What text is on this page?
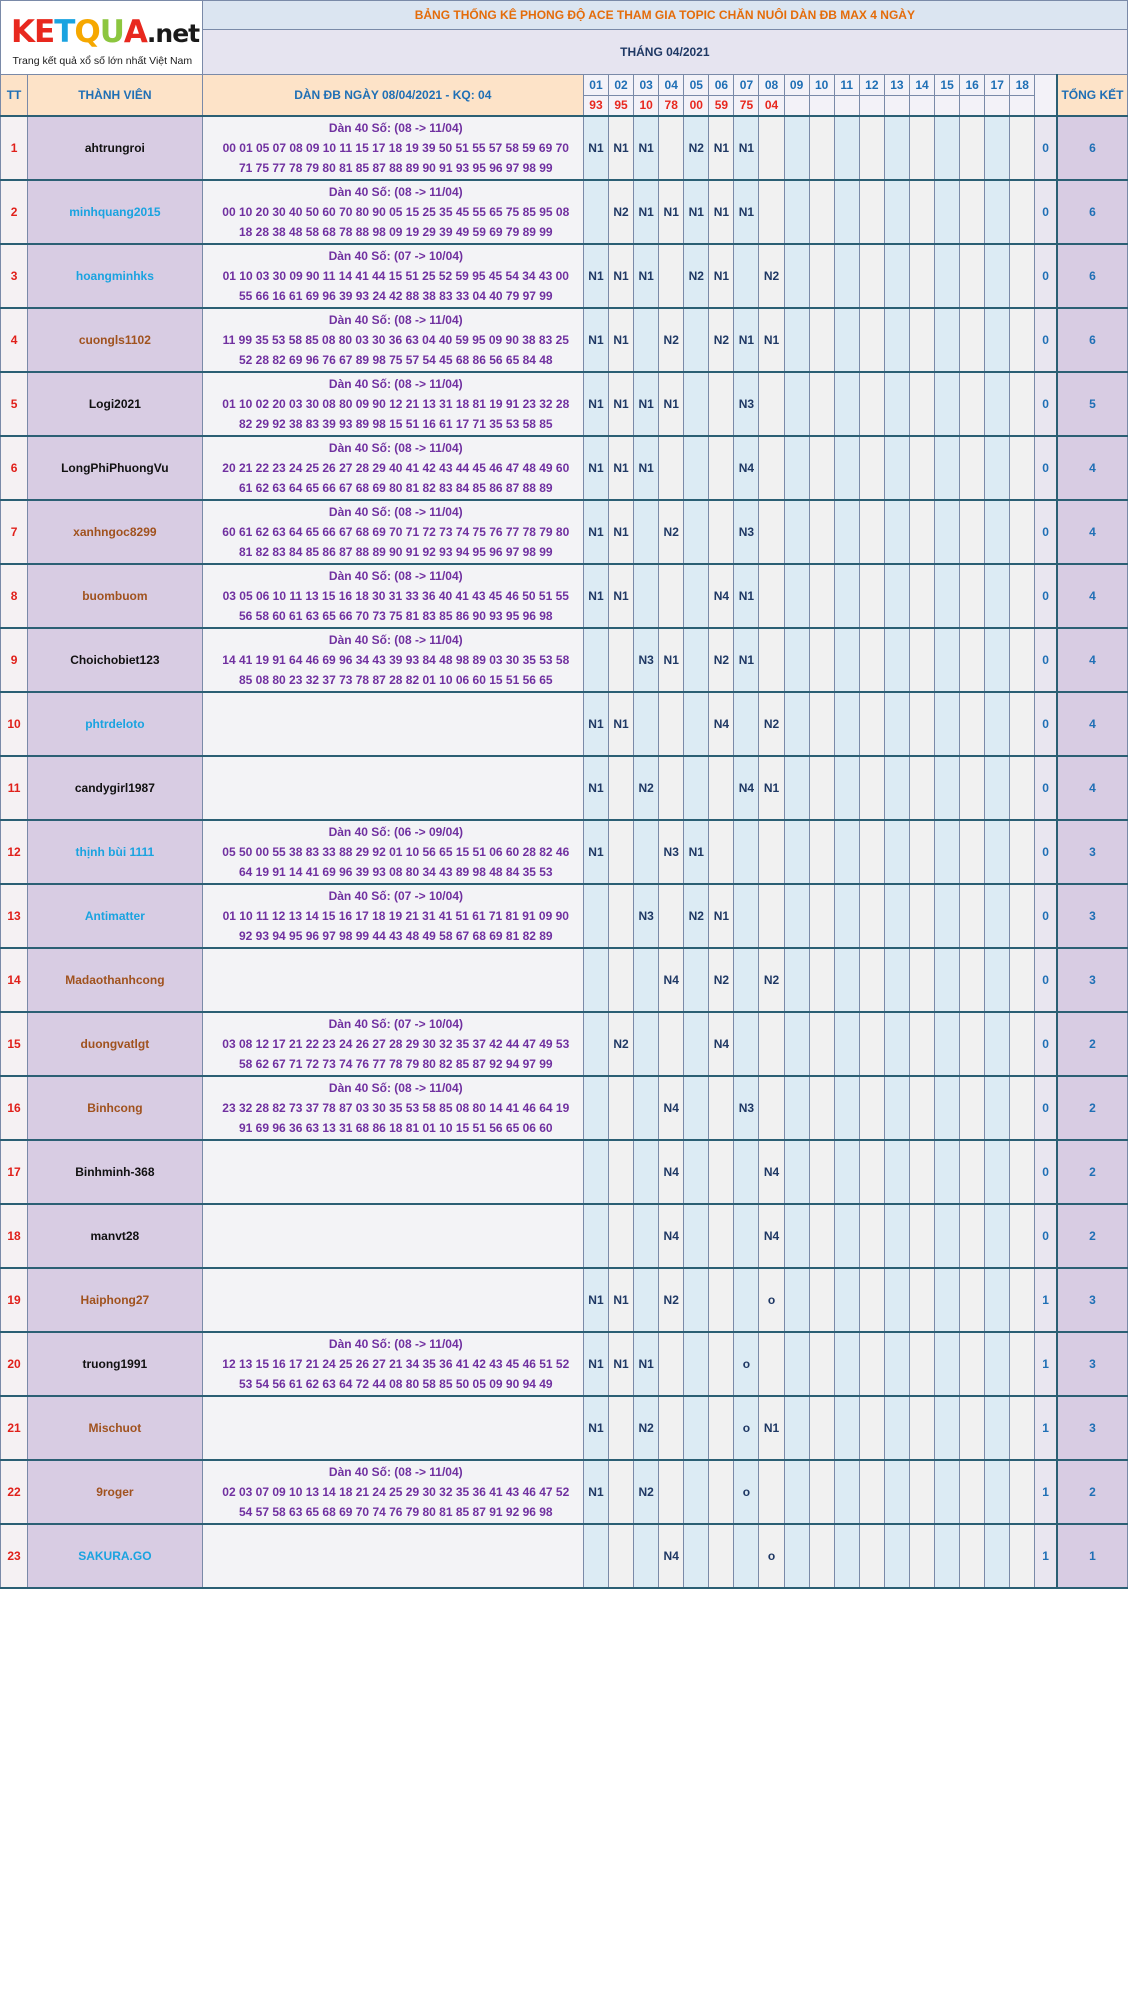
KETQUA.net
Trang kết quả xổ số lớn nhất Việt Nam		BẢNG THỐNG KÊ PHONG ĐỘ ACE THAM GIA TOPIC CHĂN NUÔI DÀN ĐB MAX 4 NGÀY																				
		THÁNG 04/2021																				
TT	THÀNH VIÊN	DÀN ĐB NGÀY 08/04/2021 - KQ: 04	01	02	03	04	05	06	07	08	09	10	11	12	13	14	15	16	17	18		TỔNG KẾT
			93	95	10	78	00	59	75	04												
1	ahtrungroi	Dàn 40 Số: (08 -> 11/04)
00 01 05 07 08 09 10 11 15 17 18 19 39 50 51 55 57 58 59 69 70
71 75 77 78 79 80 81 85 87 88 89 90 91 93 95 96 97 98 99	N1	N1	N1		N2	N1	N1												0	6
2	minhquang2015	Dàn 40 Số: (08 -> 11/04)
00 10 20 30 40 50 60 70 80 90 05 15 25 35 45 55 65 75 85 95 08
18 28 38 48 58 68 78 88 98 09 19 29 39 49 59 69 79 89 99		N2	N1	N1	N1	N1	N1												0	6
3	hoangminhks	Dàn 40 Số: (07 -> 10/04)
01 10 03 30 09 90 11 14 41 44 15 51 25 52 59 95 45 54 34 43 00
55 66 16 61 69 96 39 93 24 42 88 38 83 33 04 40 79 97 99	N1	N1	N1		N2	N1		N2											0	6
4	cuongls1102	Dàn 40 Số: (08 -> 11/04)
11 99 35 53 58 85 08 80 03 30 36 63 04 40 59 95 09 90 38 83 25
52 28 82 69 96 76 67 89 98 75 57 54 45 68 86 56 65 84 48	N1	N1		N2		N2	N1	N1											0	6
5	Logi2021	Dàn 40 Số: (08 -> 11/04)
01 10 02 20 03 30 08 80 09 90 12 21 13 31 18 81 19 91 23 32 28
82 29 92 38 83 39 93 89 98 15 51 16 61 17 71 35 53 58 85	N1	N1	N1	N1			N3												0	5
6	LongPhiPhuongVu	Dàn 40 Số: (08 -> 11/04)
20 21 22 23 24 25 26 27 28 29 40 41 42 43 44 45 46 47 48 49 60
61 62 63 64 65 66 67 68 69 80 81 82 83 84 85 86 87 88 89	N1	N1	N1				N4												0	4
7	xanhngoc8299	Dàn 40 Số: (08 -> 11/04)
60 61 62 63 64 65 66 67 68 69 70 71 72 73 74 75 76 77 78 79 80
81 82 83 84 85 86 87 88 89 90 91 92 93 94 95 96 97 98 99	N1	N1		N2			N3												0	4
8	buombuom	Dàn 40 Số: (08 -> 11/04)
03 05 06 10 11 13 15 16 18 30 31 33 36 40 41 43 45 46 50 51 55
56 58 60 61 63 65 66 70 73 75 81 83 85 86 90 93 95 96 98	N1	N1				N4	N1												0	4
9	Choichobiet123	Dàn 40 Số: (08 -> 11/04)
14 41 19 91 64 46 69 96 34 43 39 93 84 48 98 89 03 30 35 53 58
85 08 80 23 32 37 73 78 87 28 82 01 10 06 60 15 51 56 65			N3	N1		N2	N1												0	4
10	phtrdeloto		N1	N1				N4		N2											0	4
11	candygirl1987		N1		N2				N4	N1											0	4
12	thịnh bùi 1111	Dàn 40 Số: (06 -> 09/04)
05 50 00 55 38 83 33 88 29 92 01 10 56 65 15 51 06 60 28 82 46
64 19 91 14 41 69 96 39 93 08 80 34 43 89 98 48 84 35 53	N1			N3	N1														0	3
13	Antimatter	Dàn 40 Số: (07 -> 10/04)
01 10 11 12 13 14 15 16 17 18 19 21 31 41 51 61 71 81 91 09 90
92 93 94 95 96 97 98 99 44 43 48 49 58 67 68 69 81 82 89			N3		N2	N1													0	3
14	Madaothanhcong					N4		N2		N2											0	3
15	duongvatlgt	Dàn 40 Số: (07 -> 10/04)
03 08 12 17 21 22 23 24 26 27 28 29 30 32 35 37 42 44 47 49 53
58 62 67 71 72 73 74 76 77 78 79 80 82 85 87 92 94 97 99		N2				N4													0	2
16	Binhcong	Dàn 40 Số: (08 -> 11/04)
23 32 28 82 73 37 78 87 03 30 35 53 58 85 08 80 14 41 46 64 19
91 69 96 36 63 13 31 68 86 18 81 01 10 15 51 56 65 06 60				N4			N3												0	2
17	Binhminh-368					N4				N4											0	2
18	manvt28					N4				N4											0	2
19	Haiphong27		N1	N1		N2				o											1	3
20	truong1991	Dàn 40 Số: (08 -> 11/04)
12 13 15 16 17 21 24 25 26 27 21 34 35 36 41 42 43 45 46 51 52
53 54 56 61 62 63 64 72 44 08 80 58 85 50 05 09 90 94 49	N1	N1	N1				o												1	3
21	Mischuot		N1		N2				o	N1											1	3
22	9roger	Dàn 40 Số: (08 -> 11/04)
02 03 07 09 10 13 14 18 21 24 25 29 30 32 35 36 41 43 46 47 52
54 57 58 63 65 68 69 70 74 76 79 80 81 85 87 91 92 96 98	N1		N2				o												1	2
23	SAKURA.GO					N4				o											1	1
